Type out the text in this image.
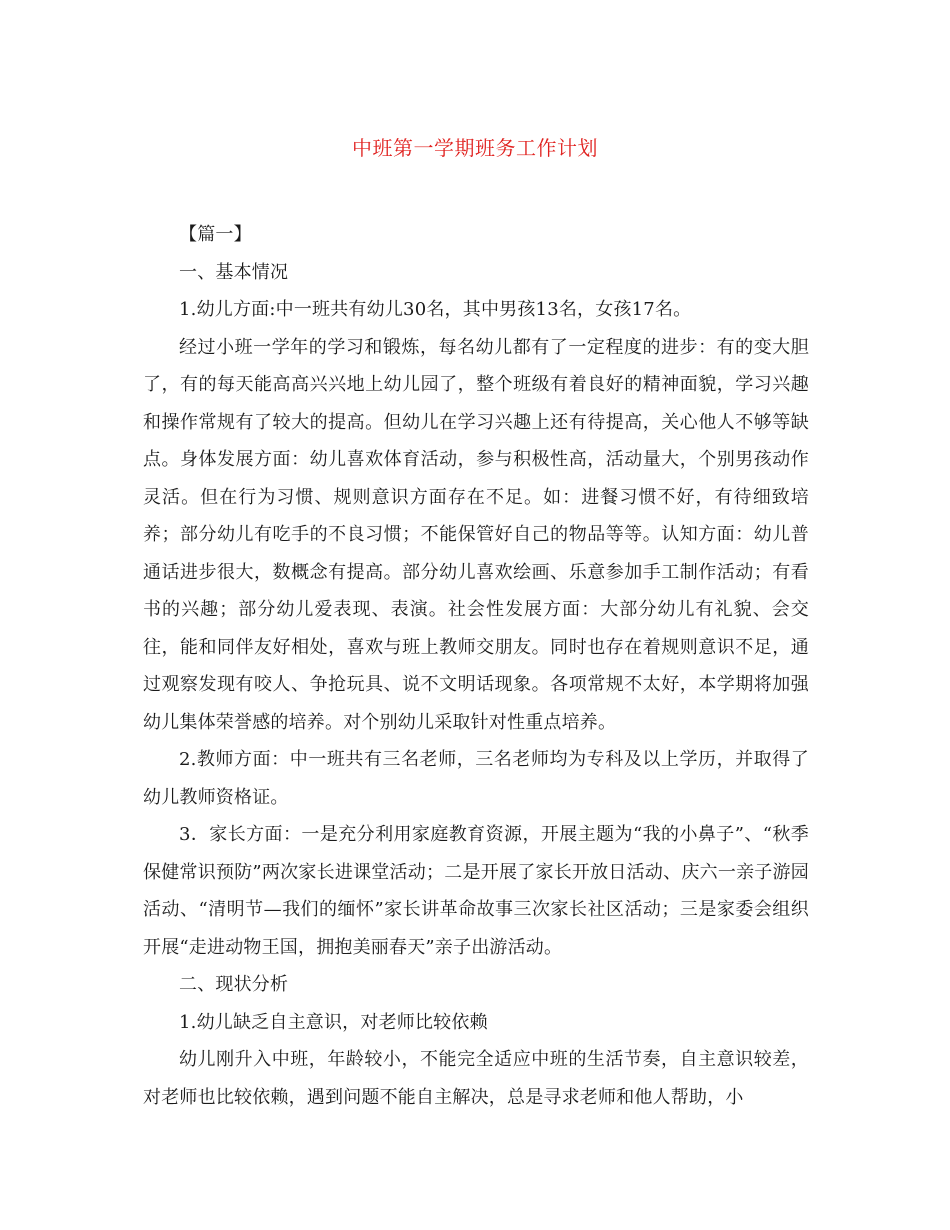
中班第一学期班务工作计划

【篇一】

一、基本情况

1.幼儿方面:中一班共有幼儿30名，其中男孩13名，女孩17名。

经过小班一学年的学习和锻炼，每名幼儿都有了一定程度的进步：有的变大胆了，有的每天能高高兴兴地上幼儿园了，整个班级有着良好的精神面貌，学习兴趣和操作常规有了较大的提高。但幼儿在学习兴趣上还有待提高，关心他人不够等缺点。身体发展方面：幼儿喜欢体育活动，参与积极性高，活动量大，个别男孩动作灵活。但在行为习惯、规则意识方面存在不足。如：进餐习惯不好，有待细致培养；部分幼儿有吃手的不良习惯；不能保管好自己的物品等等。认知方面：幼儿普通话进步很大，数概念有提高。部分幼儿喜欢绘画、乐意参加手工制作活动；有看书的兴趣；部分幼儿爱表现、表演。社会性发展方面：大部分幼儿有礼貌、会交往，能和同伴友好相处，喜欢与班上教师交朋友。同时也存在着规则意识不足，通过观察发现有咬人、争抢玩具、说不文明话现象。各项常规不太好，本学期将加强幼儿集体荣誉感的培养。对个别幼儿采取针对性重点培养。

2.教师方面：中一班共有三名老师，三名老师均为专科及以上学历，并取得了幼儿教师资格证。

3．家长方面：一是充分利用家庭教育资源，开展主题为“我的小鼻子”、“秋季保健常识预防”两次家长进课堂活动；二是开展了家长开放日活动、庆六一亲子游园活动、“清明节—我们的缅怀”家长讲革命故事三次家长社区活动；三是家委会组织开展“走进动物王国，拥抱美丽春天”亲子出游活动。

二、现状分析

1.幼儿缺乏自主意识，对老师比较依赖

幼儿刚升入中班，年龄较小，不能完全适应中班的生活节奏，自主意识较差，对老师也比较依赖，遇到问题不能自主解决，总是寻求老师和他人帮助，小
